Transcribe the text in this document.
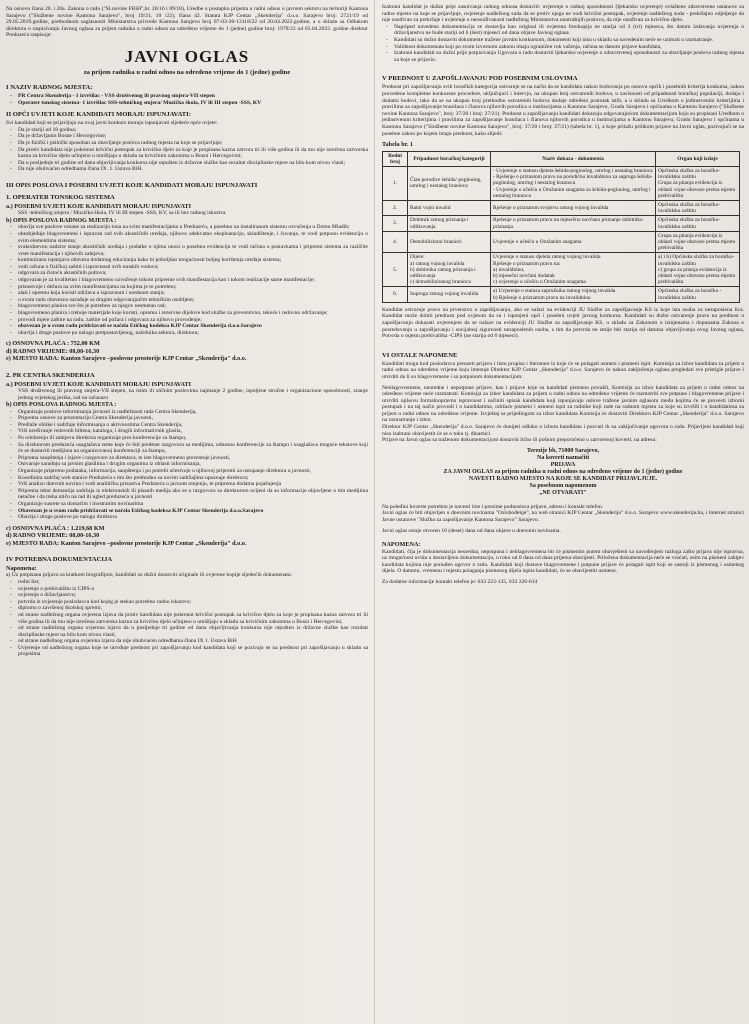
Na osnovu člana 20. i 20a. Zakona o radu ("Sl.novine FBiH",br. 26/16 i 89/18), Uredbe o postupku prijema u radni odnos u javnom sektoru na teritoriji Kantona Sarajevo ("Službene novine Kantona Sarajevo", broj 19/21, 10 /22), člana 42. Statuta KJP Centar „Skenderija" d.o.o. Sarajevo broj: 2721/19 od 29.05.2019.godine, prethodnom saglasnosti Ministarstva privrede Kantona Sarajevo broj 07-03-30-13118/22 od 20.04.2022.godine, a u skladu sa Odlukom direktora o raspisivanju Javnog oglasa za prijem radnika u radni odnos na određeno vrijeme do 1 (jedne) godine broj: 1978/22 od 05.04.2022. godine direktor Preduzeća raspisuje:

JAVNI OGLAS
za prijem radnika u radni odnos na određeno vrijeme do 1 (jedne) godine
I NAZIV RADNOG MJESTA:
- PR Centra Skenderija - 1 izvršilac - VSS društvenog ili pravnog smjera-VII stepen
- Operater tonskog sistema- 1 izvršilac SSS-tehničkog smjera/ Muzička škola, IV ili III stepen -SSS, KV
II OPĆI UVJETI KOJE KANDIDATI MORAJU ISPUNJAVATI:

Svi kandidati koji se prijavljuju na ovaj javni konkurs moraju ispunjavati sljedeće opće uvjete:

- Da je stariji od 18 godina;
- Da je državljanin Bosne i Hercegovine;
- Da je fizički i psihički sposoban za obavljanje poslova radnog mjesta na koje se prijavljuje;
- Da protiv kandidata nije pokrenut krivični postupak za krivično djelo za koje je propisana kazna zatvora tri ili više godina ili da mu nije izrečena zatvorska kazna za krivično djelo učinjeno u umišljaju u skladu sa krivičnim zakonima u Bosni i Hercegovini;
- Da u posljednje tri godine od dana objavljivanja konkursa nije otpušten iz državne službe kao rezultat disciplinske mjere na bilo kom nivou vlasti;
- Da nije obuhvaćen odredbama člana IX .1. Ustava BiH.
III OPIS POSLOVA I POSEBNI UVJETI KOJE KANDIDATI MORAJU ISPUNJAVATI
1. OPERATER TONSKOG SISTEMA
a.) POSEBNI UVJETI KOJE KANDIDATI MORAJU ISPUNJAVATI

SSS -tehničkog smjera / Muzička škola, IV ili III stepen -SSS, KV, sa ili bez radnog iskustva

b) OPIS POSLOVA RADNOG MJESTA :
- obavlja sve poslove vezane za realizaciju tona na svim manifestacijama u Preduzeću, a posebno na instaliranom sistemu ozvučenja u Domu Mladih;
- obezbjeđuje blagovremeni i ispravan rad svih akustičnih uređaja, njihovo adekvatno eksploataciju, skladištenje, i čuvanje, te vodi potpunu evidenciju o svim elementima sistema;
- svakodnevno nadzire stanje akustičnih uređaja i podatke o njima unosi u posebnu evidenciju te vodi računa o postavkama i pripremi sistema za različite vrste manifestacija i njihovih zahtjeva;
- kontinuirano ispunjava obaveza dodatnog educiranja kako bi poboljšao mogućnosti boljeg korištenja uređaja sistema;
- vodi računa o fizičkoj zaštiti i ispravnosti svih tonskih vodova;
- odgovara za čistoću akustičnih pultova;
- odgovaran je za kvalitetno i blagovremeno ozvučenje tokom pripreme svih manifestacija kao i tokom realizacije same manifestacije;
- prisustvuje i dežura na svim manifestacijama na kojima je to potrebno;
- alati i opremu koju koristi održava u ispravnom i urednom stanju;
- u svom radu obavezno sarađuje sa drugim odgovarajućim tehničkim osobljem;
- blagovremeno planira sve što je potrebno za njegov nesmetan rad;
- blagovremeno planira i trebuje materijale koje koristi, opremu i rezervne dijelove kod službe za preventivno, tekuće i redovno održavanje;
- provodi mjere zaštite na radu, zaštite od požara i odgovara za njihovo provođenje;
- obavezan je u svom radu pridržavati se načela Etičkog kodeksa KJP Centar Skenderija d.o.o.Sarajevo
- obavlja i druge poslove po nalogu pretpostavljenog, načelnika sektora, direktora;
c) OSNOVNA PLAĆA : 752,00 KM
d) RADNO VRIJEME: 08,00-16,30
e) MJESTO RADA: Kanton Sarajevo –poslovne prostorije KJP Centar „Skenderija" d.o.o.
2. PR CENTRA SKENDERIJA
a.) POSEBNI UVJETI KOJE KANDIDATI MORAJU ISPUNJAVATI

VSS društvenog ili pravnog smjera-VII stepen, na istim ili sličnim poslovima najmanje 2 godine, ispoljene stručne i organizacione sposobnosti, znanje jednog svjetskog jezika, rad na računaru

b) OPIS POSLOVA RADNOG MJESTA :
- Organizuje poslove informisanja javnosti iz nadležnosti rada Centra Skenderija,
- Priprema osnove za prezentaciju Centra Skenderija javnosti,
- Predlaže oblike i sadržaje informisanja o aktivnostima Centra Skenderija,
- Vrši uređivanje redovnih biltena, kataloga, i drugih informativnih glasila,
- Po odobrenju ili zahtjevu direktora organizuje pres konferencije za štampu,
- Sa direktorom preduzeća usaglašava teme koje će biti predmet razgovora sa medijima, odnosno konferencije za štampu i usaglašava moguće tekstove koji će se dostaviti medijima na organizovanoj konferenciji za štampu,
- Priprema saopštenja i izjave i razgovore za direktora, te iste blagovremeno prezentuje javnosti,
- Ostvaruje saradnju sa javnim glasilima i drugim organima iz oblasti informisanja,
- Organizuje pripremu podataka, informacija, saopštenja i po potrebi učestvuje u njihovoj pripremi za ostupanje direktora u javnosti,
- Koordinira sadržaj web stanice Preduzeća s tim što prethodno sa novim sadržajima upoznaje direktora;
- Vrši analizu dnevnih novina i vodi analitičku prisustva Preduzeća u javnom mnjenju, te priprema dodatna pojašnjenja
- Priprema tekst demantija sadržaja iz elektronskih ili pisanih medija ako se u razgovoru sa direktorom ocijeni da su informacije objavljene u tim medijima netačne i da treba utiču na rad ili ugled preduzeća u javnosti
- Organizuje susrete sa domaćim i inostranim novinarima
- Obavezan je u svom radu pridržavati se načela Etičkog kodeksa KJP Centar Skenderija d.o.o.Sarajevo
- Obavlja i druge poslove po nalogu direktora
c) OSNOVNA PLAĆA : 1.219,68 KM
d) RADNO VRIJEME: 08,00-16,30
e) MJESTO RADA: Kanton Sarajevo –poslovne prostorije KJP Centar „Skenderija" d.o.o.
IV POTREBNA DOKUMENTACIJA
Napomena:

a) Uz potpisanu prijavu sa kratkom biografijom, kandidati su dužni dostaviti originale ili ovjerene kopije sljedećih dokumenata:

- rodni list;
- uvjerenje o prebivalištu iz CIPS-a
- uvjerenje o državljanstvu;
- potvrda iz uvjerenje poslodavca kod kojeg je stekao potrebno radno iskustvo;
- diplomu o završenoj školskoj spremi;
- od strane nadležnog organa ovjerena izjava da protiv kandidata nije pokrenut krivični postupak za krivično djelo za koje je propisana kazna zatvora tri ili više godina ili da mu nije izrečena zatvorska kazna za krivično djelo učinjeno u umišljaju u skladu sa krivičnim zakonima u Bosni i Hercegovini,
- od strane nadležnog organa ovjerena izjava da u posljednje tri godine od dana objavljivanja konkursa nije otpušten iz državne službe kao rezultat disciplinske mjere na bilo kom nivou vlasti,
- od strane nadležnog organa ovjerena izjava da nije obuhvaćen odredbama člana IX 1. Ustava BiH
- Uvjerenje od nadležnog organa koje se utvrđuje prednost pri zapošljavanju kod kandidata koji se pozivaju se na prednost pri zapošljavanju u skladu sa propisima

Izabrani kandidat je dužan prije zasnivanja radnog odnosa dostaviti: uvjerenje o radnoj sposobnosti (ljekarsko uvjerenje) ovlaštene zdravstvene ustanove za radno mjesto na koje se prijavljuje, uvjerenje nadležnog suda da se protiv njega ne vodi krivični postupak, uvjerenje nadležnog suda - prekršajno odjeljenje da nije osuđivan za prekršaje i uvjerenje o neosuđivanosti nadležnog Ministarstva unutrašnjih poslova, da nije osuđivan za krivično djelo.

- Napriped navedena dokumentacija se dostavlja kao original ili ovjerena fotokopija ne starija od 3 (tri) mjeseca, što datum izdavanja uvjerenja o državljanstvu ne bude stariji od 6 (šest) mjeseci od dana objave Javnog oglasa.
- Kandidati su dužni dostaviti dokumente tražene javnim konkursom, dokumenti koji nisu u skladu sa navedenim neće se uzimati u razmatranje.
- Validnost dokumenata koji po svom izvornom zakonu imaju ograničen rok važenja, računa se danom prijave kandidata,
- Izabrani kandidati su dužni prije potpisivanja Ugovora o radu dostaviti ljekarsko uvjerenje o zdravstvenoj sposobnosti za obavljanje poslova radnog mjesta za koje se prijavio.
V PREDNOST U ZAPOŠLJAVANJU POD POSEBNIM USLOVIMA

Prednost pri zapošljavanju svih boračkih kategorija ostvaruje se na način da se kandidatu nakon bodovanja po osnovu općih i posebnih kriterija konkursa, nakon provedene kompletne konkursne procedure, uključujući i intervju, na ukupan broj ostvarenih bodova, u zavisnosti od pripadnosti boračkoj populaciji, dodaju i dodatni bodovi, tako da se na ukupan broj prethodno ostvarenih bodova dodaje određeni postotak istih, a u skladu sa Uredbom o jedinstvenim kriterijima i pravilima za zapošljavanje branilaca i članova njihovih porodica u institucijama u Kantonu Sarajevu, Gradu Sarajevu i općinama u Kantonu Sarajevo ("Službene novine Kantona Sarajevo", broj: 37/20 i broj: 27/21). Prednost u zapošljavanju kandidati dokazuju odgovarajućom dokumentacijom koju su propisani Uredbom o jedinstvenim kriterijima i pravilima za zapošljavanje branilaca i članova njihovih porodica u institucijama u Kantonu Sarajevu, Gradu Sarajevo i općinama u Kantonu Sarajevo ("Službene novine Kantona Sarajevo", broj: 37/20 i broj: 27/21) (tabela br. 1), a koje prilažu prilikom prijave na Javni oglas, pozivajući se na posebne zakon po kojem imaju prednost, kako slijedi:

Tabela br. 1
Redni broj	Pripadnost boračkoj kategoriji	Naziv dokaza - dokumenta	Organ koji izdaje
1.	Član porodice šehida/ poginulog, umrlog i nestalog branioca	- Uvjerenje o statusu djeteta šehida-poginulog, umrlog i nestalog branioca
- Rješenje o priznatom pravu na porodičnu invalidninu za supruga šehida-poginulog, umrlog i nestalog branioca
- Uvjerenje o učešću u Oružanim snagama za šehida-poginulog, umrlog i nestalog branioca	Općinska služba za boračko-invalidsku zaštitu
Grupa za pitanja evidencija iz oblasti vojne obaveze prema mjestu prebivališta
2.	Ratni vojni invalid	Rješenje o priznatom svojstvu ratnog vojnog invalida	Općinska služba za boračko-invalidsku zaštitu
3.	Dobitnik ratnog priznanja i odlikovanja	Rješenje o priznatom pravu na mjesečno novčano primanje dobitniku priznanja	Općinska služba za boračko-invalidsku zaštitu
4.	Demobilizirani branioci	Uvjerenje o učešću u Oružanim snagama	Grupa za pitanja evidencija iz oblasti vojne obaveze prema mjestu prebivališta
5.	Dijete:
a) ratnog vojnog invalida
b) dobitnika ratnog priznanja i odlikovanja
c) demobiliziranog branioca	Uvjerenje o statusu djeteta ratnog vojnog invalida
Rješenje o priznatom pravu na:
a) invalidninu,
b) mjesečni novčani dodatak
c) uvjerenje o učešću u Oružanim snagama	a) i b) Općinska služba za boračko-invalidsku zaštitu
c) grupa za pitanja evidencija iz oblasti vojne obaveze prema mjestu prebivališta
6.	Supruga ratnog vojnog invalida	a) Uvjerenje o statusu supružnika ratnog vojnog invalida
b) Rješenje o priznatom pravu na invalidninu	Općinska služba za boračko - invalidsku zaštitu

Kandidat ostvaruje pravo na prvenstvo u zapošljavanju, ako se nalazi na evidenciji JU Službe za zapošljavanje KS iz koje ista osoba za nezaposlena lica. Kandidat može dobiti prednost pod uvjetom da su i ispunjeni opći i posebni uvjeti javnog konkursa. Kandidati su dužni ostvarenje prava na prednost u zapošljavanju dokazati uvjerenjem da se nalaze na evidenciji JU Službe za zapošljavanje KS, u skladu sa Zakonom o izmjenama i dopunama Zakona o posredovanju u zapošljavanju i socijalnoj sigurnosti nezaposlenih osoba, s tim da potvrda ne smije biti starija od datuma objavljivanja ovog Javnog oglasa, Potvrda o mjestu prebivališta -CIPS (ne starija od 6 mjeseci).

VI OSTALE NAPOMENE

Kandidati mogu kod poslodavca preuzeti prijavu i listu propisa i literature iz koje će se polagati usmeni i pismeni ispit. Komisija za izbor kandidata za prijem u radni odnos na određeno vrijeme koju imenuje Direktor KJP Centar „Skenderija" d.o.o. Sarajevo će nakon zaključenja oglasa pregledati sve pristigle prijave i utvrditi da li su blagovremene i sa potpunom dokumentacijom.

Neblagovremene, neuredne i nepotpune prijave, kao i prijave koje su kandidati pismeno povukli, Komisija za izbor kandidata za prijem u radni odnos na određeno vrijeme neće razmatrati. Komisija za izbor kandidata za prijem u radni odnos na određeno vrijeme će razmotriti sve potpune i blagovremene prijave i utvrditi njihovu formalnopravnu ispravnost i sačiniti spisak kandidata koji ispunjavaju uslove tražene javnim oglasom među kojima će se provesti izborni postupak i na taj način provodi i o kandidatima, održaće pismeni i usmeni ispit za radnike koji rade na radnom mjestu za koje su izvršili i o kandidatima za prijem u radni odnos na određeno vrijeme. Izvještaj sa prijedlogom za izbor kandidata Komisija će dostaviti Direktoru KJP Centar „Skenderija" d.o.o. Sarajevo na razmatranje i izbor.

Direktor KJP Centar „Skenderija" d.o.o. Sarajevo će donijeti odluku o izboru kandidata i pozvati ih na zaključivanje ugovora o radu. Prijavljeni kandidati koji nisu izabrani obavijestit će se o toku tj. dinamici.

Prijave na Javni oglas sa traženom dokumentacijom dostaviti lično ili poštom preporučeno u zatvorenoj koverti, na adresu:

Terezije bb, 71000 Sarajevo,
Na koverti naznačiti
PRIJAVA
ZA JAVNI OGLAS za prijem radnika u radni odnos na određeno vrijeme do 1 (jedne) godine
NAVESTI RADNO MJESTO NA KOJE SE KANDIDAT PRIJAVLJUJE.
Sa posebnom napomenom
„NE OTVARATI"

Na poleđini koverte potrebno je navesti ime i prezime podnosioca prijave, adresu i kontakt telefon.

Javni oglas će biti objavljen u dnevnim novinama "Oslobođenje", na web stranici KJP Centar „Skenderija" d.o.o. Sarajevo www.skenderija.ba, i internet stranici Javne ustanove "Služba za zapošljavanje Kantona Sarajevo" Sarajevo.

Javni oglas ostaje otvoren 10 (deset) dana od dana objave u dnevnim novinama.

NAPOMENA:

Kandidati, čija je dokumentacija neuredna, nepotpuna i neblagovremena bit će pismenim putem obavješteni sa navođenjem razloga zašto prijava nije ispravna, uz mogućnost uvida u dostavljenu dokumentaciju, u roku od 8 dana od dana prijema obavijesti. Priložena dokumentacija neće se vraćati, osim na pismeni zahtjev kandidata kojima nije ponuđen ugovor o radu. Kandidati koji dostave blagovremene i potpune prijave će polagati ispit koji se sastoji iz pismenog i usmenog dijela. O datumu, vremenu i mjestu polaganja pismenog dijela ispita kandidati, će se obavijestiti usmeno.

Za dodatne informacije kontakt telefon je: 033 223-135, 033 226-614
